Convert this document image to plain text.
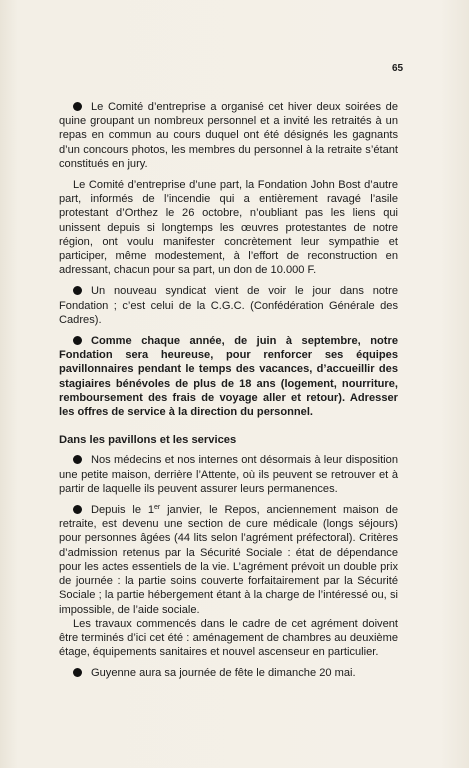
65

Le Comité d’entreprise a organisé cet hiver deux soirées de quine groupant un nombreux personnel et a invité les retraités à un repas en commun au cours duquel ont été désignés les gagnants d’un concours photos, les membres du personnel à la retraite s’étant constitués en jury.

Le Comité d’entreprise d’une part, la Fondation John Bost d’autre part, informés de l’incendie qui a entièrement ravagé l’asile protestant d’Orthez le 26 octobre, n’oubliant pas les liens qui unissent depuis si longtemps les œuvres protestantes de notre région, ont voulu manifester concrètement leur sympathie et participer, même modestement, à l’effort de reconstruction en adressant, chacun pour sa part, un don de 10.000 F.

Un nouveau syndicat vient de voir le jour dans notre Fondation ; c’est celui de la C.G.C. (Confédération Générale des Cadres).

Comme chaque année, de juin à septembre, notre Fondation sera heureuse, pour renforcer ses équipes pavillonnaires pendant le temps des vacances, d’accueillir des stagiaires bénévoles de plus de 18 ans (logement, nourriture, remboursement des frais de voyage aller et retour). Adresser les offres de service à la direction du personnel.

Dans les pavillons et les services

Nos médecins et nos internes ont désormais à leur disposition une petite maison, derrière l’Attente, où ils peuvent se retrouver et à partir de laquelle ils peuvent assurer leurs permanences.

Depuis le 1er janvier, le Repos, anciennement maison de retraite, est devenu une section de cure médicale (longs séjours) pour personnes âgées (44 lits selon l’agrément préfectoral). Critères d’admission retenus par la Sécurité Sociale : état de dépendance pour les actes essentiels de la vie. L’agrément prévoit un double prix de journée : la partie soins couverte forfaitairement par la Sécurité Sociale ; la partie hébergement étant à la charge de l’intéressé ou, si impossible, de l’aide sociale.

Les travaux commencés dans le cadre de cet agrément doivent être terminés d’ici cet été : aménagement de chambres au deuxième étage, équipements sanitaires et nouvel ascenseur en particulier.

Guyenne aura sa journée de fête le dimanche 20 mai.
